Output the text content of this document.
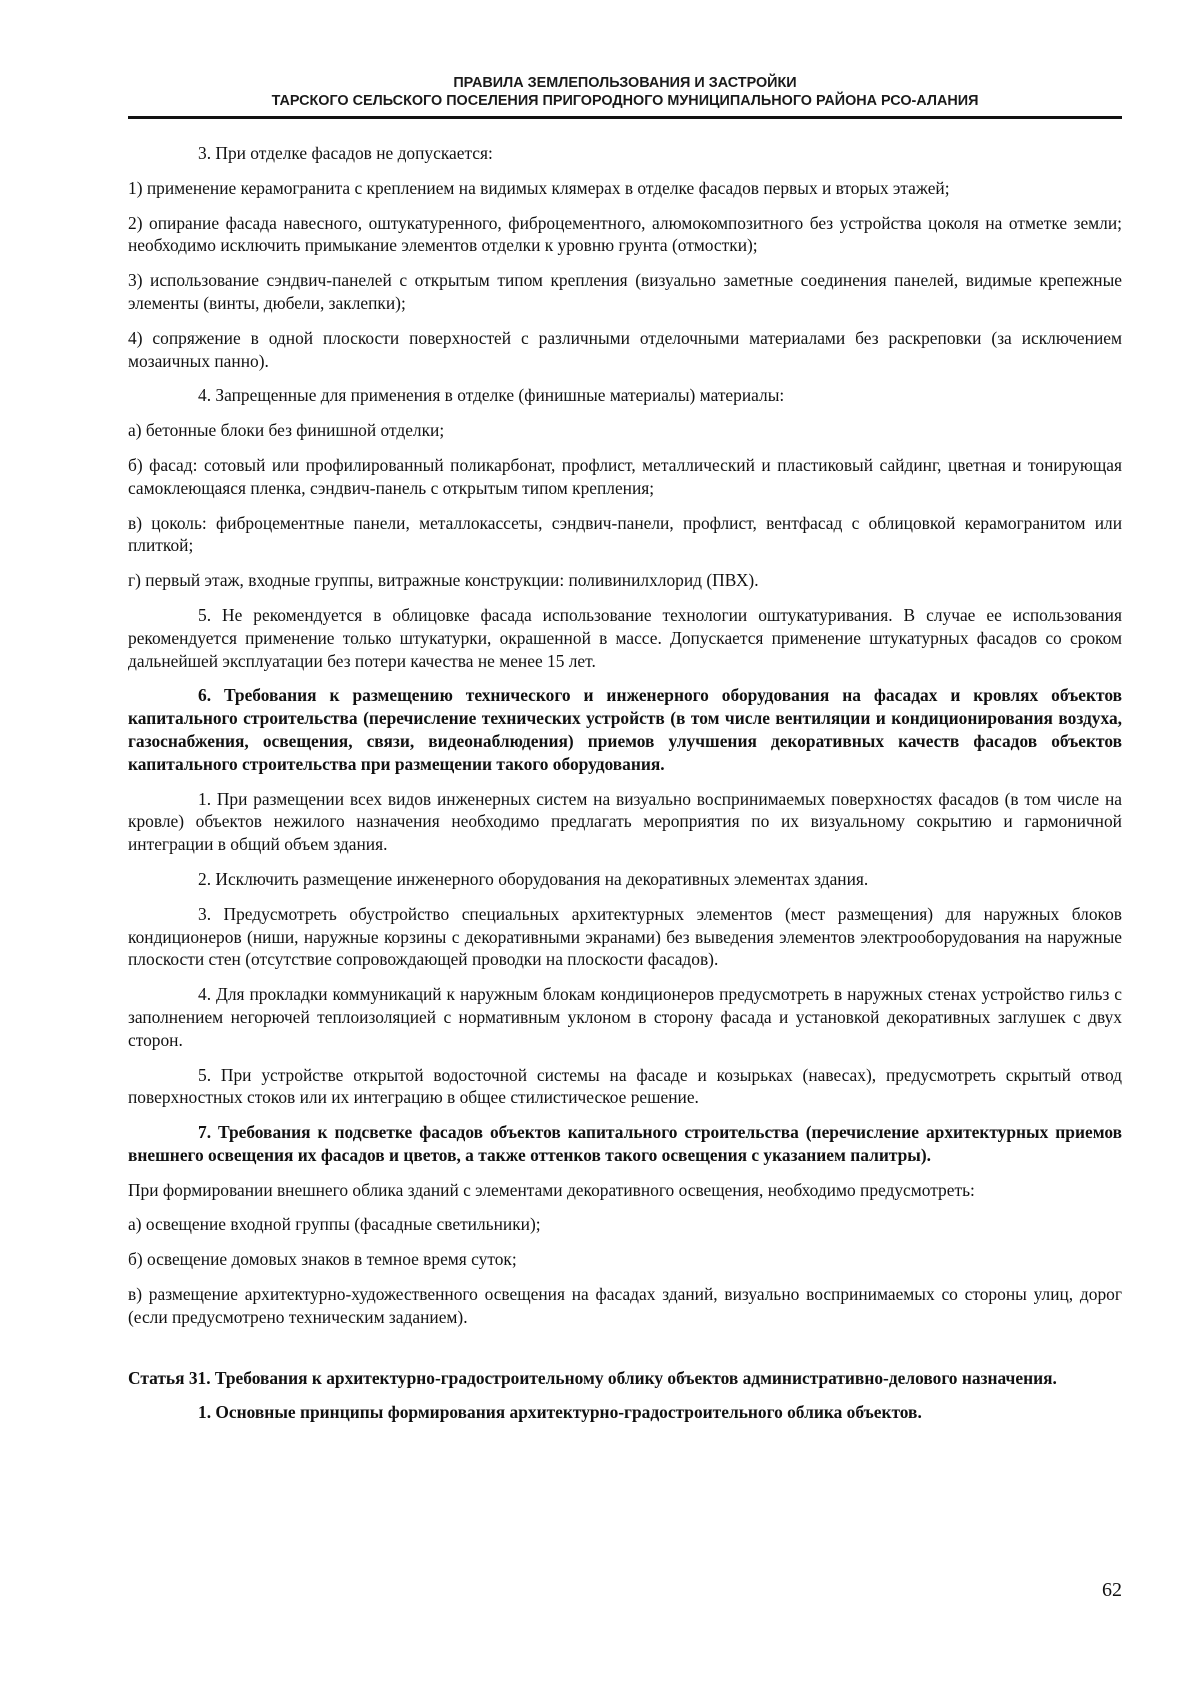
ПРАВИЛА ЗЕМЛЕПОЛЬЗОВАНИЯ И ЗАСТРОЙКИ
ТАРСКОГО СЕЛЬСКОГО ПОСЕЛЕНИЯ ПРИГОРОДНОГО МУНИЦИПАЛЬНОГО РАЙОНА РСО-АЛАНИЯ

3. При отделке фасадов не допускается:

1) применение керамогранита с креплением на видимых клямерах в отделке фасадов первых и вторых этажей;

2) опирание фасада навесного, оштукатуренного, фиброцементного, алюмокомпозитного без устройства цоколя на отметке земли; необходимо исключить примыкание элементов отделки к уровню грунта (отмостки);

3) использование сэндвич-панелей с открытым типом крепления (визуально заметные соединения панелей, видимые крепежные элементы (винты, дюбели, заклепки);

4) сопряжение в одной плоскости поверхностей с различными отделочными материалами без раскреповки (за исключением мозаичных панно).

4. Запрещенные для применения в отделке (финишные материалы) материалы:

а) бетонные блоки без финишной отделки;

б) фасад: сотовый или профилированный поликарбонат, профлист, металлический и пластиковый сайдинг, цветная и тонирующая самоклеющаяся пленка, сэндвич-панель с открытым типом крепления;

в) цоколь: фиброцементные панели, металлокассеты, сэндвич-панели, профлист, вентфасад с облицовкой керамогранитом или плиткой;

г) первый этаж, входные группы, витражные конструкции: поливинилхлорид (ПВХ).

5. Не рекомендуется в облицовке фасада использование технологии оштукатуривания. В случае ее использования рекомендуется применение только штукатурки, окрашенной в массе. Допускается применение штукатурных фасадов со сроком дальнейшей эксплуатации без потери качества не менее 15 лет.

6. Требования к размещению технического и инженерного оборудования на фасадах и кровлях объектов капитального строительства (перечисление технических устройств (в том числе вентиляции и кондиционирования воздуха, газоснабжения, освещения, связи, видеонаблюдения) приемов улучшения декоративных качеств фасадов объектов капитального строительства при размещении такого оборудования.

1. При размещении всех видов инженерных систем на визуально воспринимаемых поверхностях фасадов (в том числе на кровле) объектов нежилого назначения необходимо предлагать мероприятия по их визуальному сокрытию и гармоничной интеграции в общий объем здания.

2. Исключить размещение инженерного оборудования на декоративных элементах здания.

3. Предусмотреть обустройство специальных архитектурных элементов (мест размещения) для наружных блоков кондиционеров (ниши, наружные корзины с декоративными экранами) без выведения элементов электрооборудования на наружные плоскости стен (отсутствие сопровождающей проводки на плоскости фасадов).

4. Для прокладки коммуникаций к наружным блокам кондиционеров предусмотреть в наружных стенах устройство гильз с заполнением негорючей теплоизоляцией с нормативным уклоном в сторону фасада и установкой декоративных заглушек с двух сторон.

5. При устройстве открытой водосточной системы на фасаде и козырьках (навесах), предусмотреть скрытый отвод поверхностных стоков или их интеграцию в общее стилистическое решение.

7. Требования к подсветке фасадов объектов капитального строительства (перечисление архитектурных приемов внешнего освещения их фасадов и цветов, а также оттенков такого освещения с указанием палитры).

При формировании внешнего облика зданий с элементами декоративного освещения, необходимо предусмотреть:

а) освещение входной группы (фасадные светильники);

б) освещение домовых знаков в темное время суток;

в) размещение архитектурно-художественного освещения на фасадах зданий, визуально воспринимаемых со стороны улиц, дорог (если предусмотрено техническим заданием).

Статья 31. Требования к архитектурно-градостроительному облику объектов административно-делового назначения.

1. Основные принципы формирования архитектурно-градостроительного облика объектов.

62
